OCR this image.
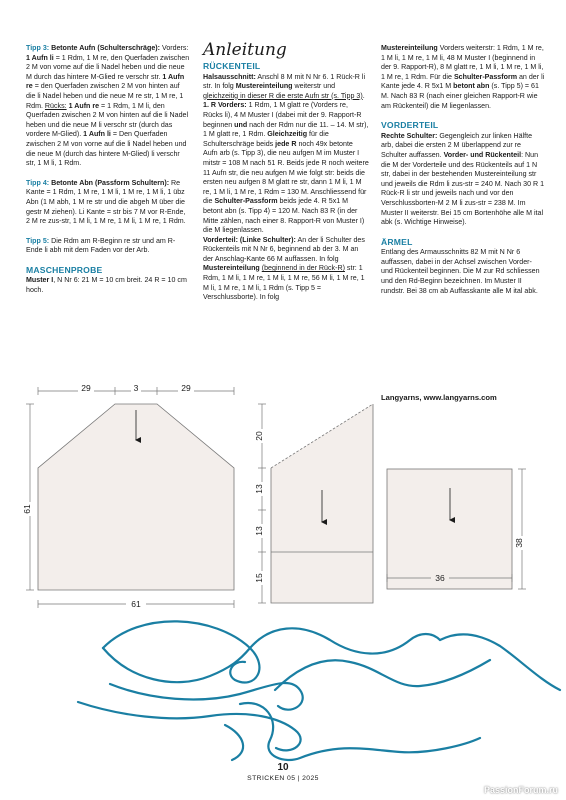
Tipp 3: Betonte Aufn (Schulterschräge): Vorders: 1 Aufn li = 1 Rdm, 1 M re, den Querfaden zwischen 2 M von vorne auf die li Nadel heben und die neue M durch das hintere M-Glied re verschr str. 1 Aufn re = den Querfaden zwischen 2 M von hinten auf die li Nadel heben und die neue M re str, 1 M re, 1 Rdm. Rücks: 1 Aufn re = 1 Rdm, 1 M li, den Querfaden zwischen 2 M von hinten auf die li Nadel heben und die neue M li verschr str (durch das vordere M-Glied). 1 Aufn li = Den Querfaden zwischen 2 M von vorne auf die li Nadel heben und die neue M (durch das hintere M-Glied) li verschr str, 1 M li, 1 Rdm.

Tipp 4: Betonte Abn (Passform Schultern): Re Kante = 1 Rdm, 1 M re, 1 M li, 1 M re, 1 M li, 1 übz Abn (1 M abh, 1 M re str und die abgeh M über die gestr M ziehen). Li Kante = str bis 7 M vor R-Ende, 2 M re zus-str, 1 M li, 1 M re, 1 M li, 1 M re, 1 Rdm.

Tipp 5: Die Rdm am R-Beginn re str und am R-Ende li abh mit dem Faden vor der Arb.

MASCHENPROBE

Muster I, N Nr 6: 21 M = 10 cm breit. 24 R = 10 cm hoch.

Anleitung
RÜCKENTEIL

Halsausschnitt: Anschl 8 M mit N Nr 6. 1 Rück-R li str. In folg Mustereinteilung weiterstr und gleichzeitig in dieser R die erste Aufn str (s. Tipp 3). 1. R Vorders: 1 Rdm, 1 M glatt re (Vorders re, Rücks li), 4 M Muster I (dabei mit der 9. Rapport-R beginnen und nach der Rdm nur die 11. – 14. M str), 1 M glatt re, 1 Rdm. Gleichzeitig für die Schulterschräge beids jede R noch 49x betonte Aufn arb (s. Tipp 3), die neu aufgen M im Muster I mitstr = 108 M nach 51 R. Beids jede R noch weitere 11 Aufn str, die neu aufgen M wie folgt str: beids die ersten neu aufgen 8 M glatt re str, dann 1 M li, 1 M re, 1 M li, 1 M re, 1 Rdm = 130 M. Anschliessend für die Schulter-Passform beids jede 4. R 5x1 M betont abn (s. Tipp 4) = 120 M. Nach 83 R (in der Mitte zählen, nach einer 8. Rapport-R von Muster I) die M liegenlassen.

Vorderteil: (Linke Schulter): An der li Schulter des Rückenteils mit N Nr 6, beginnend ab der 3. M an der Anschlag-Kante 66 M auffassen. In folg Mustereinteilung (beginnend in der Rück-R) str: 1 Rdm, 1 M li, 1 M re, 1 M li, 1 M re, 56 M li, 1 M re, 1 M li, 1 M re, 1 M li, 1 Rdm (s. Tipp 5 = Verschlussborte). In folg

Mustereinteilung Vorders weiterstr: 1 Rdm, 1 M re, 1 M li, 1 M re, 1 M li, 48 M Muster I (beginnend in der 9. Rapport-R), 8 M glatt re, 1 M li, 1 M re, 1 M li, 1 M re, 1 Rdm. Für die Schulter-Passform an der li Kante jede 4. R 5x1 M betont abn (s. Tipp 5) = 61 M. Nach 83 R (nach einer gleichen Rapport-R wie am Rückenteil) die M liegenlassen.

VORDERTEIL

Rechte Schulter: Gegengleich zur linken Hälfte arb, dabei die ersten 2 M überlappend zur re Schulter auffassen. Vorder- und Rückenteil: Nun die M der Vorderteile und des Rückenteils auf 1 N str, dabei in der bestehenden Mustereinteilung str und jeweils die Rdm li zus-str = 240 M. Nach 30 R 1 Rück-R li str und jeweils nach und vor den Verschlussborten-M 2 M li zus-str = 238 M. Im Muster II weiterstr. Bei 15 cm Bortenhöhe alle M ital abk (s. Wichtige Hinweise).

ÄRMEL

Entlang des Armausschnitts 82 M mit N Nr 6 auffassen, dabei in der Achsel zwischen Vorder- und Rückenteil beginnen. Die M zur Rd schliessen und den Rd-Beginn bezeichnen. Im Muster II rundstr. Bei 38 cm ab Auffasskante alle M ital abk.

Langyarns, www.langyarns.com
29	3	29
61
61
20
13
13
15
38
36
10
STRICKEN 05 | 2025
PassionForum.ru
